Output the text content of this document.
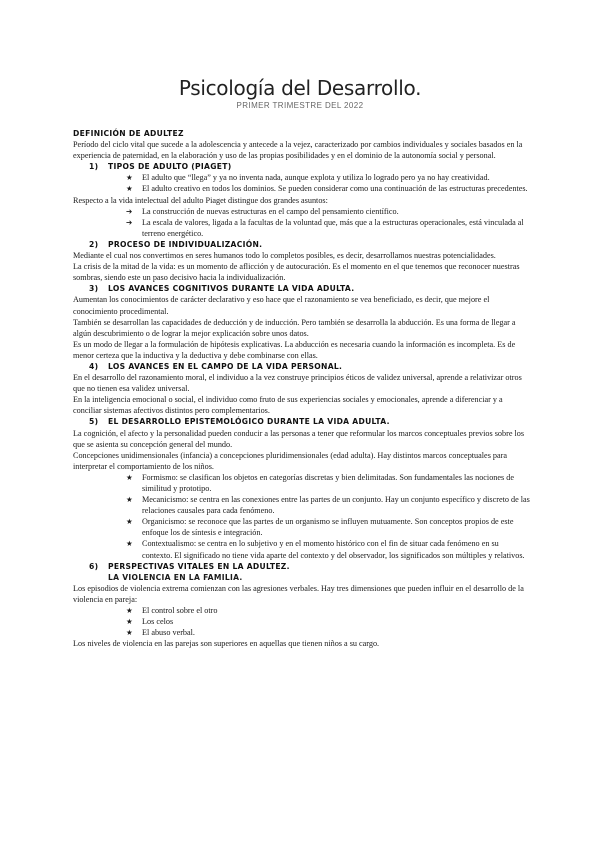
Psicología del Desarrollo.
PRIMER TRIMESTRE DEL 2022
DEFINICIÓN DE ADULTEZ

Período del ciclo vital que sucede a la adolescencia y antecede a la vejez, caracterizado por cambios individuales y sociales basados en la experiencia de paternidad, en la elaboración y uso de las propias posibilidades y en el dominio de la autonomía social y personal.

1)	TIPOS DE ADULTO (PIAGET)
★	El adulto que “llega” y ya no inventa nada, aunque explota y utiliza lo logrado pero ya no hay creatividad.
★	El adulto creativo en todos los dominios. Se pueden considerar como una continuación de las estructuras precedentes.

Respecto a la vida intelectual del adulto Piaget distingue dos grandes asuntos:

➔	La construcción de nuevas estructuras en el campo del pensamiento científico.
➔	La escala de valores, ligada a la facultas de la voluntad que, más que a la estructuras operacionales, está vinculada al terreno energético.
2)	PROCESO DE INDIVIDUALIZACIÓN.

Mediante el cual nos convertimos en seres humanos todo lo completos posibles, es decir, desarrollamos nuestras potencialidades.

La crisis de la mitad de la vida: es un momento de aflicción y de autocuración. Es el momento en el que tenemos que reconocer nuestras sombras, siendo este un paso decisivo hacia la individualización.

3)	LOS AVANCES COGNITIVOS DURANTE LA VIDA ADULTA.

Aumentan los conocimientos de carácter declarativo y eso hace que el razonamiento se vea beneficiado, es decir, que mejore el conocimiento procedimental.

También se desarrollan las capacidades de deducción y de inducción. Pero también se desarrolla la abducción. Es una forma de llegar a algún descubrimiento o de lograr la mejor explicación sobre unos datos.

Es un modo de llegar a la formulación de hipótesis explicativas. La abducción es necesaria cuando la información es incompleta. Es de menor certeza que la inductiva y la deductiva y debe combinarse con ellas.

4)	LOS AVANCES EN EL CAMPO DE LA VIDA PERSONAL.

En el desarrollo del razonamiento moral, el individuo a la vez construye principios éticos de validez universal, aprende a relativizar otros que no tienen esa validez universal.

En la inteligencia emocional o social, el individuo como fruto de sus experiencias sociales y emocionales, aprende a diferenciar y a conciliar sistemas afectivos distintos pero complementarios.

5)	EL DESARROLLO EPISTEMOLÓGICO DURANTE LA VIDA ADULTA.

La cognición, el afecto y la personalidad pueden conducir a las personas a tener que reformular los marcos conceptuales previos sobre los que se asienta su concepción general del mundo.

Concepciones unidimensionales (infancia) a concepciones pluridimensionales (edad adulta). Hay distintos marcos conceptuales para interpretar el comportamiento de los niños.

★	Formismo: se clasifican los objetos en categorías discretas y bien delimitadas. Son fundamentales las nociones de similitud y prototipo.
★	Mecanicismo: se centra en las conexiones entre las partes de un conjunto. Hay un conjunto específico y discreto de las relaciones causales para cada fenómeno.
★	Organicismo: se reconoce que las partes de un organismo se influyen mutuamente. Son conceptos propios de este enfoque los de síntesis e integración.
★	Contextualismo: se centra en lo subjetivo y en el momento histórico con el fin de situar cada fenómeno en su contexto. El significado no tiene vida aparte del contexto y del observador, los significados son múltiples y relativos.
6)	PERSPECTIVAS VITALES EN LA ADULTEZ.
LA VIOLENCIA EN LA FAMILIA.

Los episodios de violencia extrema comienzan con las agresiones verbales. Hay tres dimensiones que pueden influir en el desarrollo de la violencia en pareja:

★	El control sobre el otro
★	Los celos
★	El abuso verbal.

Los niveles de violencia en las parejas son superiores en aquellas que tienen niños a su cargo.
